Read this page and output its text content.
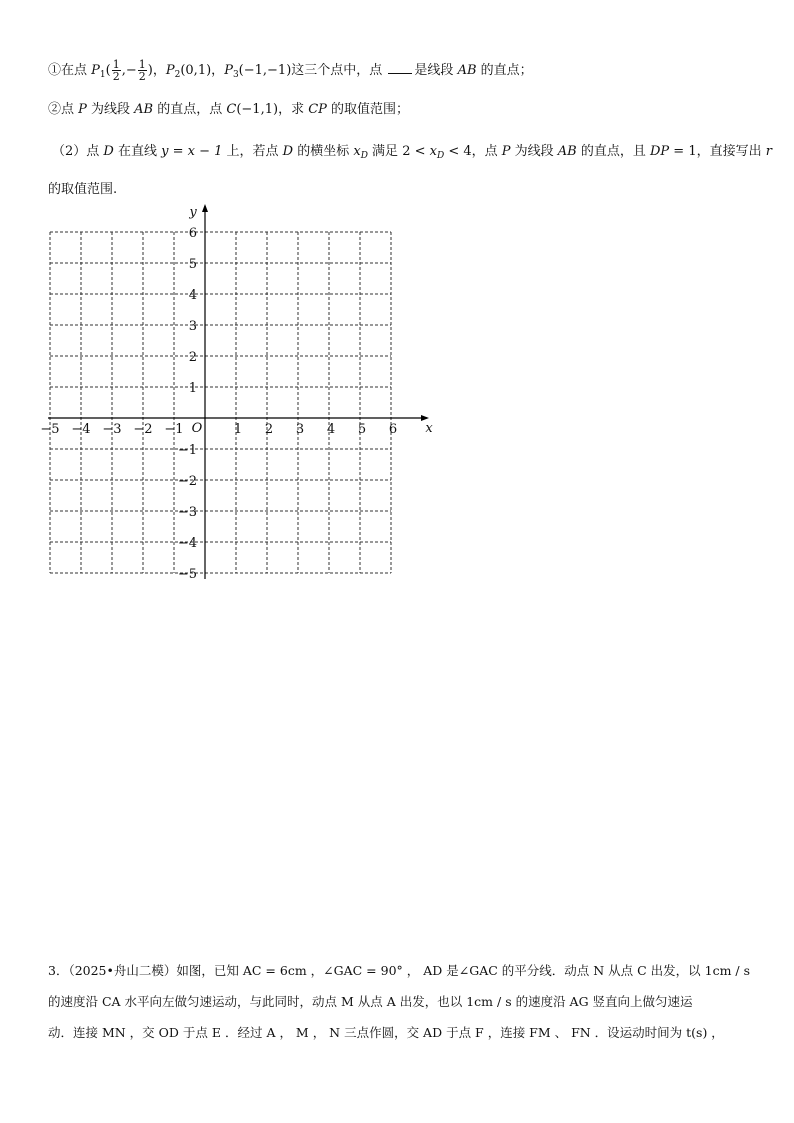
①在点 $P_1( \frac{1}{2}$ ,− $\frac{1}{2}$ )，$P_2(0,1)$，$P_3(-1,-1)$这三个点中，点 是线段 AB 的直点；
②点 P 为线段 AB 的直点，点 C(−1,1)，求 CP 的取值范围；
（2）点 D 在直线 y = x − 1 上，若点 D 的横坐标 $x_D$ 满足 $2 < x_D < 4$，点 P 为线段 AB 的直点，且 DP = 1，直接写出 r
的取值范围.
y
x
O
−5 −4 −3 −2 −1	1 2 3 4 5 6
6
5
4
3
2
1
−1
−2
−3
−4
−5
3．（2025•舟山二模）如图，已知 AC = 6cm ，∠GAC = 90° ， AD 是∠GAC 的平分线．动点 N 从点 C 出发，以 1cm / s
的速度沿 CA 水平向左做匀速运动，与此同时，动点 M 从点 A 出发，也以 1cm / s 的速度沿 AG 竖直向上做匀速运
动．连接 MN ，交 OD 于点 E ．经过 A ， M ， N 三点作圆，交 AD 于点 F ，连接 FM 、 FN ．设运动时间为 t(s) ，
